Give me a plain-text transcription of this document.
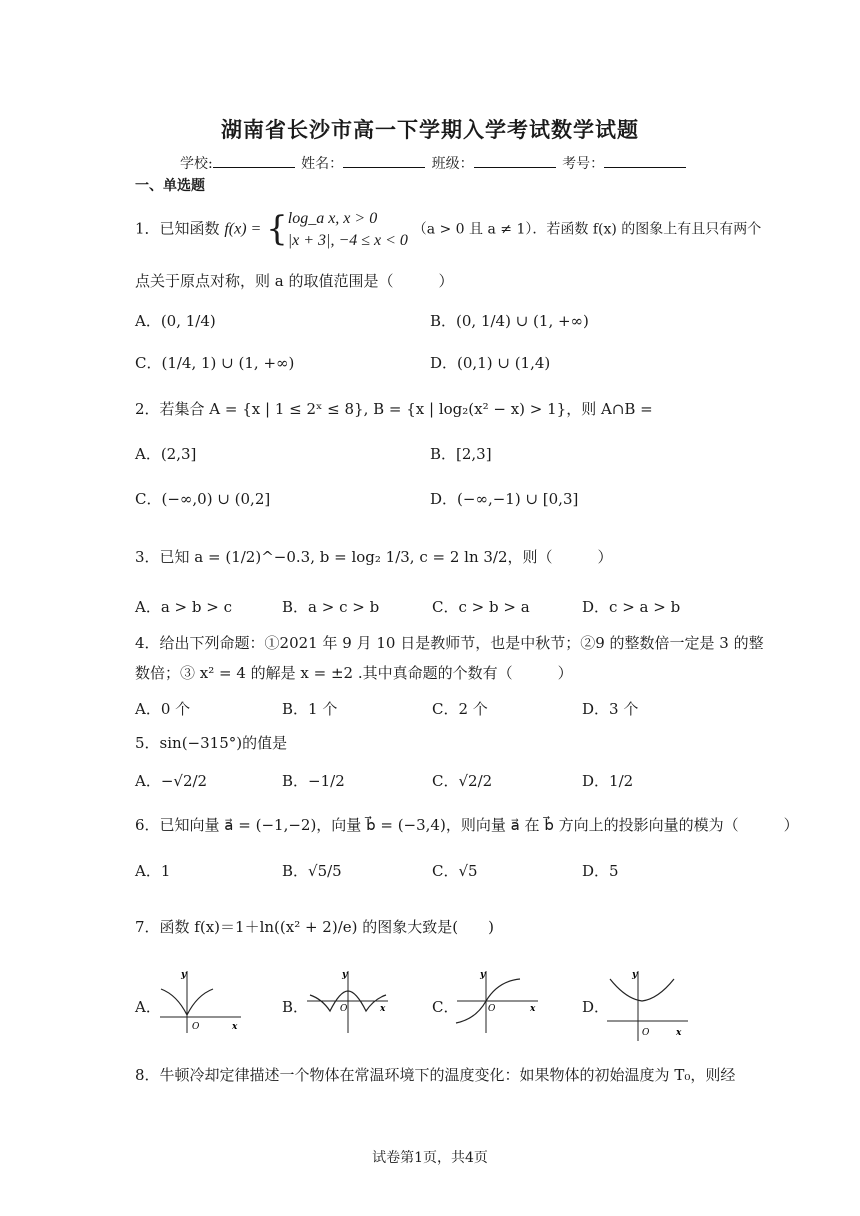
湖南省长沙市高一下学期入学考试数学试题
学校:	姓名：	班级：	考号：
一、单选题
1．已知函数 f(x) = { log_a x, x > 0
|x + 3|, −4 ≤ x < 0
（a > 0 且 a ≠ 1）．若函数 f(x) 的图象上有且只有两个
点关于原点对称，则 a 的取值范围是（　　　）
A．(0, 1/4)	B．(0, 1/4) ∪ (1, +∞)
C．(1/4, 1) ∪ (1, +∞)	D．(0,1) ∪ (1,4)
2．若集合 A = {x | 1 ≤ 2ˣ ≤ 8}, B = {x | log₂(x² − x) > 1}，则 A∩B =
A．(2,3]	B．[2,3]
C．(−∞,0) ∪ (0,2]	D．(−∞,−1) ∪ [0,3]
3．已知 a = (1/2)^−0.3, b = log₂ 1/3, c = 2 ln 3/2，则（　　　）
A．a > b > c	B．a > c > b	C．c > b > a	D．c > a > b
4．给出下列命题：①2021 年 9 月 10 日是教师节，也是中秋节；②9 的整数倍一定是 3 的整
数倍；③ x² = 4 的解是 x = ±2 .其中真命题的个数有（　　　）
A．0 个	B．1 个	C．2 个	D．3 个
5．sin(−315°)的值是
A．−√2/2	B．−1/2	C．√2/2	D．1/2
6．已知向量 a⃗ = (−1,−2)，向量 b⃗ = (−3,4)，则向量 a⃗ 在 b⃗ 方向上的投影向量的模为（　　　）
A．1	B．√5/5	C．√5	D．5
7．函数 f(x)＝1＋ln((x² + 2)/e) 的图象大致是(　　)
A．
y
x
O
B．
y
x
O	C．
y
x
O	D．
y
x
O
8．牛顿冷却定律描述一个物体在常温环境下的温度变化：如果物体的初始温度为 T₀，则经
试卷第1页，共4页
